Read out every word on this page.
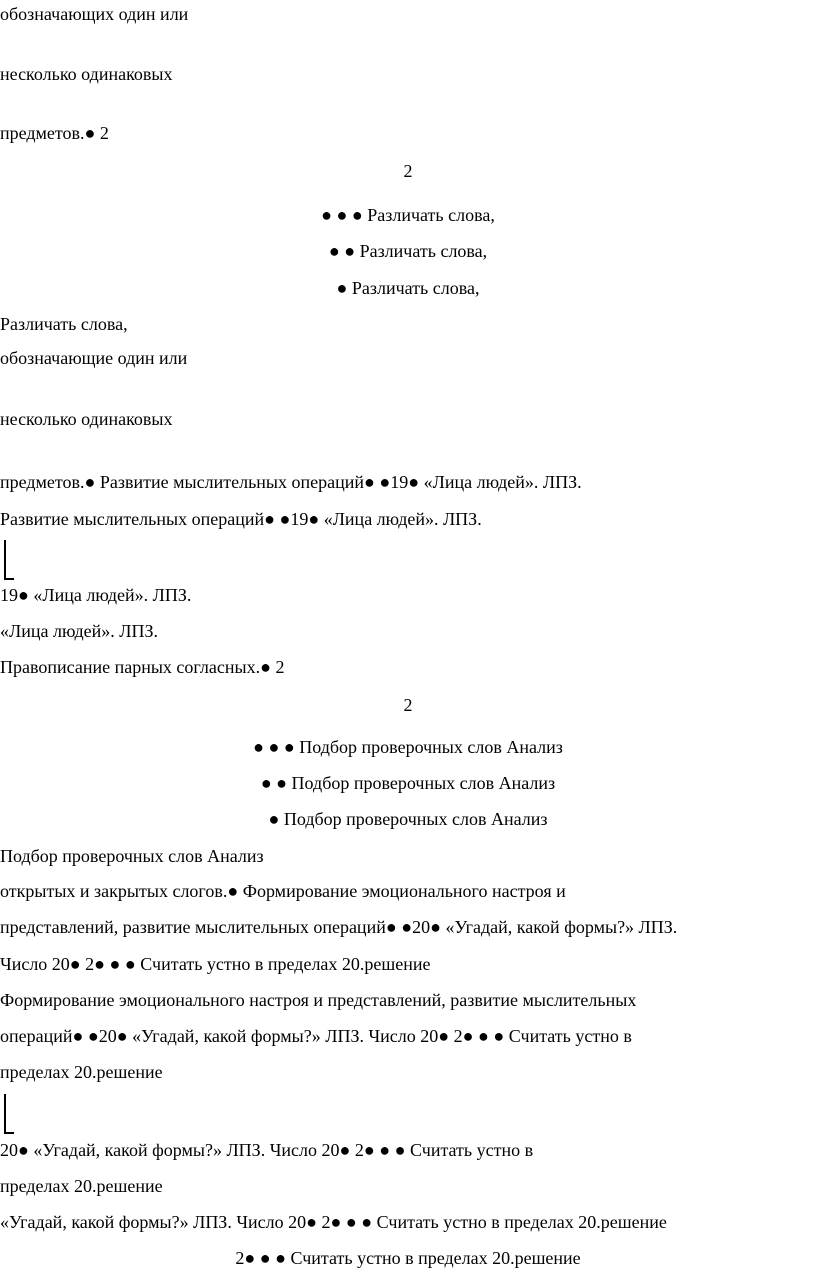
обозначающих один или
несколько одинаковых
предметов.● 2
2
● ● ● Различать слова,
● ● Различать слова,
● Различать слова,
Различать слова,
обозначающие один или
несколько одинаковых
предметов.● Развитие мыслительных операций● ●19● «Лица людей». ЛПЗ.
Развитие мыслительных операций● ●19● «Лица людей». ЛПЗ.
19● «Лица людей». ЛПЗ.
«Лица людей». ЛПЗ.
Правописание парных согласных.● 2
2
● ● ● Подбор проверочных слов Анализ
● ● Подбор проверочных слов Анализ
● Подбор проверочных слов Анализ
Подбор проверочных слов Анализ
открытых и закрытых слогов.● Формирование эмоционального настроя и
представлений, развитие мыслительных операций● ●20● «Угадай, какой формы?» ЛПЗ.
Число 20● 2● ● ● Считать устно в пределах 20.решение
Формирование эмоционального настроя и представлений, развитие мыслительных
операций● ●20● «Угадай, какой формы?» ЛПЗ. Число 20● 2● ● ● Считать устно в
пределах 20.решение
20● «Угадай, какой формы?» ЛПЗ. Число 20● 2● ● ● Считать устно в
пределах 20.решение
«Угадай, какой формы?» ЛПЗ. Число 20● 2● ● ● Считать устно в пределах 20.решение
2● ● ● Считать устно в пределах 20.решение
